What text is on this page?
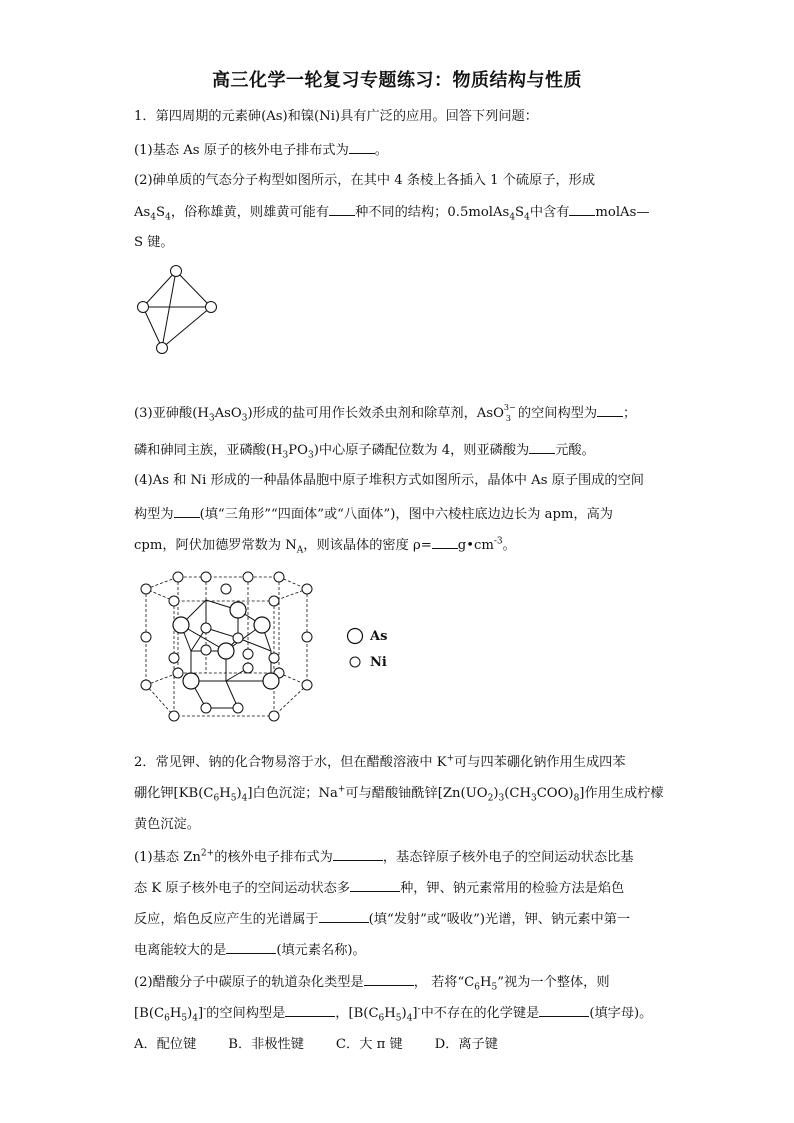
高三化学一轮复习专题练习：物质结构与性质
1．第四周期的元素砷(As)和镍(Ni)具有广泛的应用。回答下列问题：
(1)基态 As 原子的核外电子排布式为 。
(2)砷单质的气态分子构型如图所示，在其中 4 条棱上各插入 1 个硫原子，形成
$As_4S_4$，俗称雄黄，则雄黄可能有 种不同的结构；$0.5molAs_4S_4$中含有 molAs—
S 键。
(3)亚砷酸$(H_3AsO_3)$形成的盐可用作长效杀虫剂和除草剂，AsO 3−
3 的空间构型为 ；
磷和砷同主族，亚磷酸$(H_3PO_3)$中心原子磷配位数为 4，则亚磷酸为 元酸。
(4)As 和 Ni 形成的一种晶体晶胞中原子堆积方式如图所示，晶体中 As 原子围成的空间
构型为 (填“三角形”“四面体”或“八面体”)，图中六棱柱底边边长为 apm，高为
cpm，阿伏加德罗常数为 $N_A$，则该晶体的密度 $\rho= g•cm^{-3}$。
As
Ni
2．常见钾、钠的化合物易溶于水，但在醋酸溶液中 K+可与四苯硼化钠作用生成四苯
硼化钾$[KB(C_6H_5)_4]$白色沉淀；Na+可与醋酸铀酰锌$[Zn(UO_2)_3(CH_3COO)_8]$作用生成柠檬
黄色沉淀。
(1)基态 $Zn^{2+}$的核外电子排布式为	，基态锌原子核外电子的空间运动状态比基
态 K 原子核外电子的空间运动状态多	种，钾、钠元素常用的检验方法是焰色
反应，焰色反应产生的光谱属于	(填“发射”或“吸收”)光谱，钾、钠元素中第一
电离能较大的是	(填元素名称)。
(2)醋酸分子中碳原子的轨道杂化类型是	， 若将“$C_6H_5$”视为一个整体，则
$[B(C_6H_5)_4]^-$的空间构型是	，$[B(C_6H_5)_4]^-$中不存在的化学键是	(填字母)。
A．配位键 B．非极性键 C．大 π 键 D．离子键
